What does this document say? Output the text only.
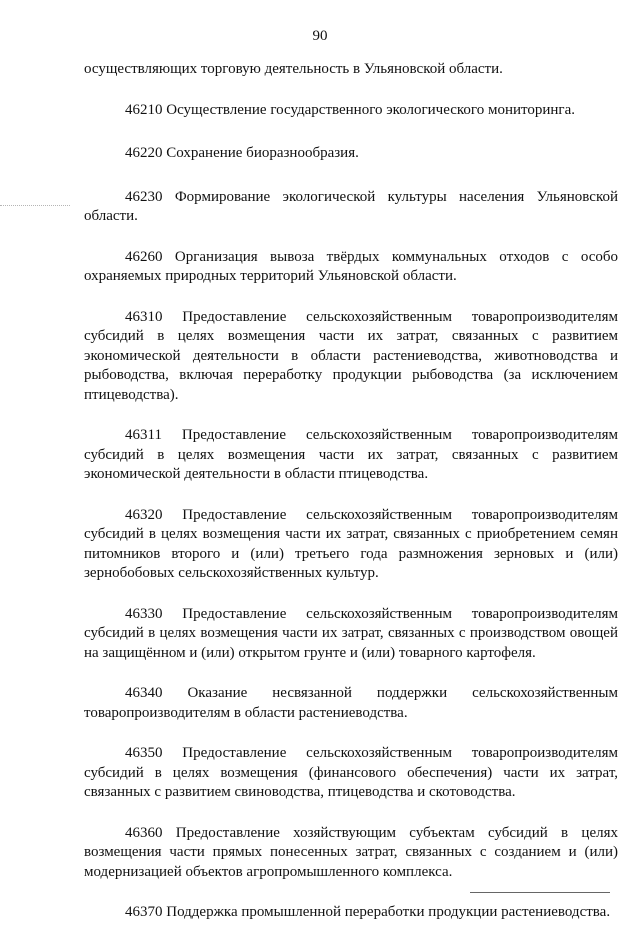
90

осуществляющих торговую деятельность в Ульяновской области.

46210 Осуществление государственного экологического мониторинга.

46220 Сохранение биоразнообразия.

46230 Формирование экологической культуры населения Ульяновской области.

46260 Организация вывоза твёрдых коммунальных отходов с особо охраняемых природных территорий Ульяновской области.

46310 Предоставление сельскохозяйственным товаропроизводителям субсидий в целях возмещения части их затрат, связанных с развитием экономической деятельности в области растениеводства, животноводства и рыбоводства, включая переработку продукции рыбоводства (за исключением птицеводства).

46311 Предоставление сельскохозяйственным товаропроизводителям субсидий в целях возмещения части их затрат, связанных с развитием экономической деятельности в области птицеводства.

46320 Предоставление сельскохозяйственным товаропроизводителям субсидий в целях возмещения части их затрат, связанных с приобретением семян питомников второго и (или) третьего года размножения зерновых и (или) зернобобовых сельскохозяйственных культур.

46330 Предоставление сельскохозяйственным товаропроизводителям субсидий в целях возмещения части их затрат, связанных с производством овощей на защищённом и (или) открытом грунте и (или) товарного картофеля.

46340 Оказание несвязанной поддержки сельскохозяйственным товаропроизводителям в области растениеводства.

46350 Предоставление сельскохозяйственным товаропроизводителям субсидий в целях возмещения (финансового обеспечения) части их затрат, связанных с развитием свиноводства, птицеводства и скотоводства.

46360 Предоставление хозяйствующим субъектам субсидий в целях возмещения части прямых понесенных затрат, связанных с созданием и (или) модернизацией объектов агропромышленного комплекса.

46370 Поддержка промышленной переработки продукции растениеводства.
